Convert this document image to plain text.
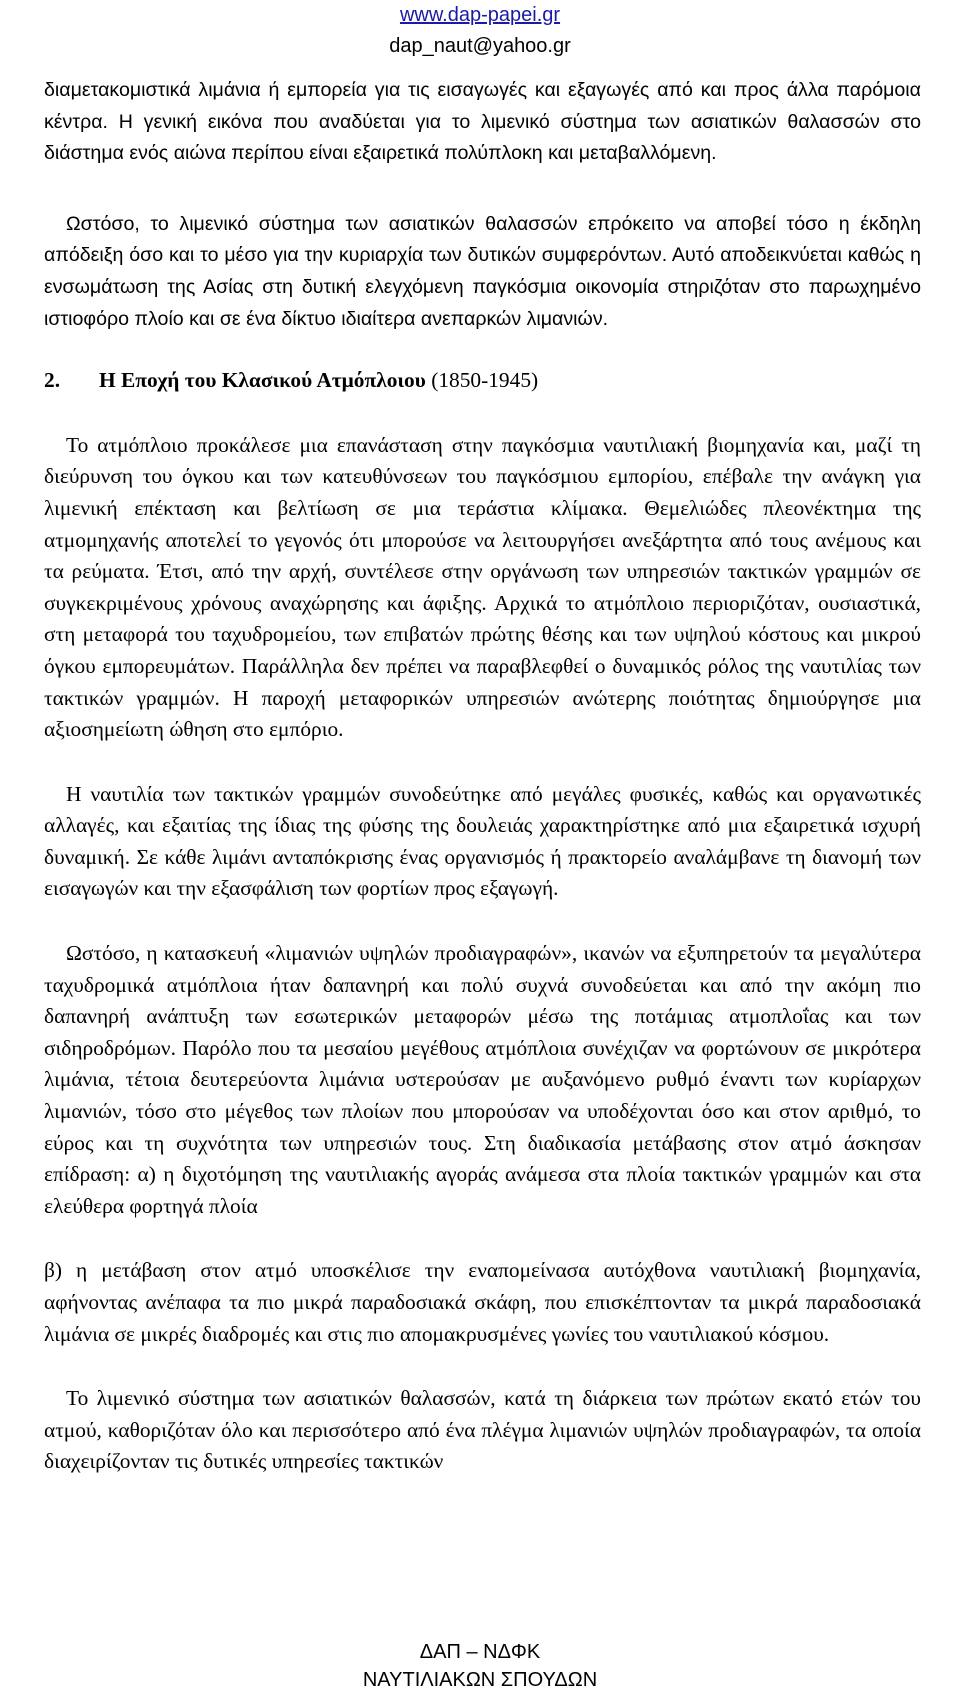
www.dap-papei.gr
dap_naut@yahoo.gr

διαμετακομιστικά λιμάνια ή εμπορεία για τις εισαγωγές και εξαγωγές από και προς άλλα παρόμοια κέντρα. Η γενική εικόνα που αναδύεται για το λιμενικό σύστημα των ασιατικών θαλασσών στο διάστημα ενός αιώνα περίπου είναι εξαιρετικά πολύπλοκη και μεταβαλλόμενη.

Ωστόσο, το λιμενικό σύστημα των ασιατικών θαλασσών επρόκειτο να αποβεί τόσο η έκδηλη απόδειξη όσο και το μέσο για την κυριαρχία των δυτικών συμφερόντων. Αυτό αποδεικνύεται καθώς η ενσωμάτωση της Ασίας στη δυτική ελεγχόμενη παγκόσμια οικονομία στηριζόταν στο παρωχημένο ιστιοφόρο πλοίο και σε ένα δίκτυο ιδιαίτερα ανεπαρκών λιμανιών.

2.	Η Εποχή του Κλασικού Ατμόπλοιου (1850-1945)

Το ατμόπλοιο προκάλεσε μια επανάσταση στην παγκόσμια ναυτιλιακή βιομηχανία και, μαζί τη διεύρυνση του όγκου και των κατευθύνσεων του παγκόσμιου εμπορίου, επέβαλε την ανάγκη για λιμενική επέκταση και βελτίωση σε μια τεράστια κλίμακα. Θεμελιώδες πλεονέκτημα της ατμομηχανής αποτελεί το γεγονός ότι μπορούσε να λειτουργήσει ανεξάρτητα από τους ανέμους και τα ρεύματα. Έτσι, από την αρχή, συντέλεσε στην οργάνωση των υπηρεσιών τακτικών γραμμών σε συγκεκριμένους χρόνους αναχώρησης και άφιξης. Αρχικά το ατμόπλοιο περιοριζόταν, ουσιαστικά, στη μεταφορά του ταχυδρομείου, των επιβατών πρώτης θέσης και των υψηλού κόστους και μικρού όγκου εμπορευμάτων. Παράλληλα δεν πρέπει να παραβλεφθεί ο δυναμικός ρόλος της ναυτιλίας των τακτικών γραμμών. Η παροχή μεταφορικών υπηρεσιών ανώτερης ποιότητας δημιούργησε μια αξιοσημείωτη ώθηση στο εμπόριο.

Η ναυτιλία των τακτικών γραμμών συνοδεύτηκε από μεγάλες φυσικές, καθώς και οργανωτικές αλλαγές, και εξαιτίας της ίδιας της φύσης της δουλειάς χαρακτηρίστηκε από μια εξαιρετικά ισχυρή δυναμική. Σε κάθε λιμάνι ανταπόκρισης ένας οργανισμός ή πρακτορείο αναλάμβανε τη διανομή των εισαγωγών και την εξασφάλιση των φορτίων προς εξαγωγή.

Ωστόσο, η κατασκευή «λιμανιών υψηλών προδιαγραφών», ικανών να εξυπηρετούν τα μεγαλύτερα ταχυδρομικά ατμόπλοια ήταν δαπανηρή και πολύ συχνά συνοδεύεται και από την ακόμη πιο δαπανηρή ανάπτυξη των εσωτερικών μεταφορών μέσω της ποτάμιας ατμοπλοΐας και των σιδηροδρόμων. Παρόλο που τα μεσαίου μεγέθους ατμόπλοια συνέχιζαν να φορτώνουν σε μικρότερα λιμάνια, τέτοια δευτερεύοντα λιμάνια υστερούσαν με αυξανόμενο ρυθμό έναντι των κυρίαρχων λιμανιών, τόσο στο μέγεθος των πλοίων που μπορούσαν να υποδέχονται όσο και στον αριθμό, το εύρος και τη συχνότητα των υπηρεσιών τους. Στη διαδικασία μετάβασης στον ατμό άσκησαν επίδραση: α) η διχοτόμηση της ναυτιλιακής αγοράς ανάμεσα στα πλοία τακτικών γραμμών και στα ελεύθερα φορτηγά πλοία

β) η μετάβαση στον ατμό υποσκέλισε την εναπομείνασα αυτόχθονα ναυτιλιακή βιομηχανία, αφήνοντας ανέπαφα τα πιο μικρά παραδοσιακά σκάφη, που επισκέπτονταν τα μικρά παραδοσιακά λιμάνια σε μικρές διαδρομές και στις πιο απομακρυσμένες γωνίες του ναυτιλιακού κόσμου.

Το λιμενικό σύστημα των ασιατικών θαλασσών, κατά τη διάρκεια των πρώτων εκατό ετών του ατμού, καθοριζόταν όλο και περισσότερο από ένα πλέγμα λιμανιών υψηλών προδιαγραφών, τα οποία διαχειρίζονταν τις δυτικές υπηρεσίες τακτικών

ΔΑΠ – ΝΔΦΚ
ΝΑΥΤΙΛΙΑΚΩΝ ΣΠΟΥΔΩΝ
